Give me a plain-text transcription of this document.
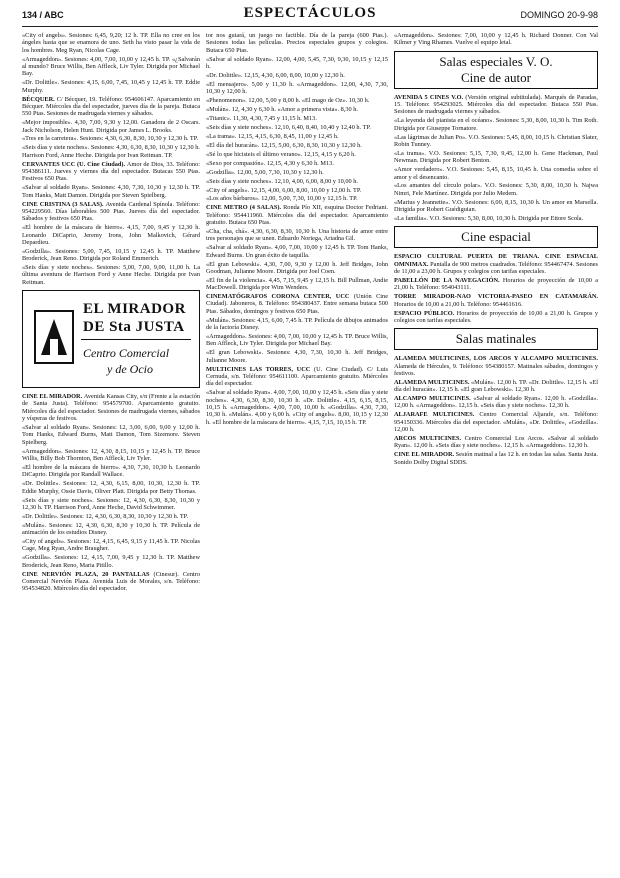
134 / ABC	ESPECTÁCULOS	DOMINGO 20-9-98

«City of angels». Sesiones: 6,45, 9,20; 12 h. TP. Ella no cree en los ángeles hasta que se enamora de uno. Seth ha visto pasar la vida de los hombres. Meg Ryan, Nicolas Cage.

«Armageddon». Sesiones: 4,00, 7,00, 10,00 y 12,45 h. TP. «¿Salvarán al mundo? Bruce Willis, Ben Affleck, Liv Tyler. Dirigida por Michael Bay.

«Dr. Dolittle». Sesiones: 4,15, 6,00, 7,45, 10,45 y 12,45 h. TP. Eddie Murphy.

BÉCQUER. C/ Bécquer, 19. Teléfono: 954606147. Aparcamiento en Bécquer. Miércoles día del espectador, jueves día de la pareja. Butaca 550 Ptas. Sesiones de madrugada viernes y sábados.

«Mejor imposible». 4,30, 7,00, 9,30 y 12,00. Ganadora de 2 Oscars. Jack Nicholson, Helen Hunt. Dirigida por James L. Brooks.

«Tres en la carretera». Sesiones: 4,30, 6,30, 8,30, 10,30 y 12,30 h. TP.

«Seis días y siete noches». Sesiones: 4,30, 6,30, 8,30, 10,30 y 12,30 h. Harrison Ford, Anne Heche. Dirigida por Ivan Reitman. TP.

CERVANTES UCC (U. Cine Ciudad). Amor de Dios, 33. Teléfono: 954386111. Jueves y viernes día del espectador. Butacas 550 Ptas. Festivos 650 Ptas.

«Salvar al soldado Ryan». Sesiones: 4,30, 7,30, 10,30 y 12,30 h. TP. Tom Hanks, Matt Damon. Dirigida por Steven Spielberg.

CINE CRISTINA (3 SALAS). Avenida Cardenal Spínola. Teléfono: 954229560. Días laborables 500 Ptas. Jueves día del espectador. Sábados y festivos 650 Ptas.

«El hombre de la máscara de hierro». 4,15, 7,00, 9,45 y 12,30 h. Leonardo DiCaprio, Jeremy Irons, John Malkovich, Gérard Depardieu.

«Godzilla». Sesiones: 5,00, 7,45, 10,15 y 12,45 h. TP. Matthew Broderick, Jean Reno. Dirigida por Roland Emmerich.

«Seis días y siete noches». Sesiones: 5,00, 7,00, 9,00, 11,00 h. La última aventura de Harrison Ford y Anne Heche. Dirigida por Ivan Reitman.

EL MIRADOR
DE Sta JUSTA
Centro Comercial
y de Ocio

CINE EL MIRADOR. Avenida Kansas City, s/n (Frente a la estación de Santa Justa). Teléfono: 954579700. Aparcamiento gratuito. Miércoles día del espectador. Sesiones de madrugada viernes, sábados y vísperas de festivos.

«Salvar al soldado Ryan». Sesiones: 12, 3,00, 6,00, 9,00 y 12,00 h. Tom Hanks, Edward Burns, Matt Damon, Tom Sizemore. Steven Spielberg.

«Armageddon». Sesiones: 12, 4,30, 8,15, 10,15 y 12,45 h. TP. Bruce Willis, Billy Bob Thornton, Ben Affleck, Liv Tyler.

«El hombre de la máscara de hierro». 4,30, 7,30, 10,30 h. Leonardo DiCaprio. Dirigida por Randall Wallace.

«Dr. Dolittle». Sesiones: 12, 4,30, 6,15, 8,00, 10,30, 12,30 h. TP. Eddie Murphy, Ossie Davis, Oliver Platt. Dirigida por Betty Thomas.

«Seis días y siete noches». Sesiones: 12, 4,30, 6,30, 8,30, 10,30 y 12,30 h. TP. Harrison Ford, Anne Heche, David Schwimmer.

«Dr. Dolittle». Sesiones: 12, 4,30, 6,30, 8,30, 10,30 y 12,30 h. TP.

«Mulán». Sesiones: 12, 4,30, 6,30, 8,30 y 10,30 h. TP. Película de animación de los estudios Disney.

«City of angels». Sesiones: 12, 4,15, 6,45, 9,15 y 11,45 h. TP. Nicolas Cage, Meg Ryan, Andre Braugher.

«Godzilla». Sesiones: 12, 4,15, 7,00, 9,45 y 12,30 h. TP. Matthew Broderick, Jean Reno, Maria Pitillo.

CINE NERVIÓN PLAZA, 20 PANTALLAS (Cinesur). Centro Comercial Nervión Plaza. Avenida Luis de Morales, s/n. Teléfono: 954534820. Miércoles día del espectador.

tor nos guiará, un juego no factible. Día de la pareja (600 Ptas.). Sesiones todas las películas. Precios especiales grupos y colegios. Butaca 650 Ptas.

«Salvar al soldado Ryan». 12,00, 4,00, 5,45, 7,30, 9,30, 10,15 y 12,15 h.

«Dr. Dolittle». 12,15, 4,30, 6,00, 8,00, 10,00 y 12,30 h.

«El mensajero». 5,00 y 11,30 h. «Armageddon». 12,00, 4,30, 7,30, 10,30 y 12,00 h.

«Phenomenon». 12,00, 5,00 y 8,00 h. «El mago de Oz». 10,30 h.

«Mulán». 12, 4,30 y 6,30 h. «Amor a primera vista». 8,30 h.

«Titanic». 11,30, 4,30, 7,45 y 11,15 h. M13.

«Seis días y siete noches». 12,10, 6,40, 8,40, 10,40 y 12,40 h. TP.

«La trama». 12,15, 4,15, 6,30, 8,45, 11,00 y 12,45 h.

«El día del huracán». 12,15, 5,00, 6,30, 8,30, 10,30 y 12,30 h.

«Sé lo que hicisteis el último verano». 12,15, 4,15 y 6,20 h.

«Sexo por compasión». 12,15, 4,30 y 6,30 h. M13.

«Godzilla». 12,00, 5,00, 7,30, 10,30 y 12,30 h.

«Seis días y siete noches». 12,10, 4,00, 6,00, 8,00 y 10,00 h.

«City of angels». 12,15, 4,00, 6,00, 8,00, 10,00 y 12,00 h. TP.

«Los años bárbaros». 12,00, 5,00, 7,30, 10,00 y 12,15 h. TP.

CINE METRO (4 SALAS). Ronda Pío XII, esquina Doctor Fedriani. Teléfono: 954411960. Miércoles día del espectador. Aparcamiento gratuito. Butaca 650 Ptas.

«Cha, cha, chá». 4,30, 6,30, 8,30, 10,30 h. Una historia de amor entre tres personajes que se unen. Eduardo Noriega, Ariadna Gil.

«Salvar al soldado Ryan». 4,00, 7,00, 10,00 y 12,45 h. TP. Tom Hanks, Edward Burns. Un gran éxito de taquilla.

«El gran Lebowski». 4,30, 7,00, 9,30 y 12,00 h. Jeff Bridges, John Goodman, Julianne Moore. Dirigida por Joel Coen.

«El fin de la violencia». 4,45, 7,15, 9,45 y 12,15 h. Bill Pullman, Andie MacDowell. Dirigida por Wim Wenders.

CINEMATÓGRAFOS CORONA CENTER, UCC (Unión Cine Ciudad). Jaboneros, 8. Teléfono: 954380437. Entre semana butaca 500 Ptas. Sábados, domingos y festivos 650 Ptas.

«Mulán». Sesiones: 4,15, 6,00, 7,45 h. TP. Película de dibujos animados de la factoría Disney.

«Armageddon». Sesiones: 4,00, 7,00, 10,00 y 12,45 h. TP. Bruce Willis, Ben Affleck, Liv Tyler. Dirigida por Michael Bay.

«El gran Lebowski». Sesiones: 4,30, 7,30, 10,30 h. Jeff Bridges, Julianne Moore.

MULTICINES LAS TORRES, UCC (U. Cine Ciudad). C/ Luis Cernuda, s/n. Teléfono: 954611100. Aparcamiento gratuito. Miércoles día del espectador.

«Salvar al soldado Ryan». 4,00, 7,00, 10,00 y 12,45 h. «Seis días y siete noches». 4,30, 6,30, 8,30, 10,30 h. «Dr. Dolittle». 4,15, 6,15, 8,15, 10,15 h. «Armageddon». 4,00, 7,00, 10,00 h. «Godzilla». 4,30, 7,30, 10,30 h. «Mulán». 4,00 y 6,00 h. «City of angels». 8,00, 10,15 y 12,30 h. «El hombre de la máscara de hierro». 4,15, 7,15, 10,15 h. TP.

«Armageddon». Sesiones: 7,00, 10,00 y 12,45 h. Richard Donner. Con Val Kilmer y Ving Rhames. Vuelve el equipo letal.

Salas especiales V. O.
Cine de autor

AVENIDA 5 CINES V.O. (Versión original subtitulada). Marqués de Paradas, 15. Teléfono: 954293025. Miércoles día del espectador. Butaca 550 Ptas. Sesiones de madrugada viernes y sábados.

«La leyenda del pianista en el océano». Sesiones: 5,30, 8,00, 10,30 h. Tim Roth. Dirigida por Giuseppe Tornatore.

«Las lágrimas de Julian Po». V.O. Sesiones: 5,45, 8,00, 10,15 h. Christian Slater, Robin Tunney.

«La trama». V.O. Sesiones: 5,15, 7,30, 9,45, 12,00 h. Gene Hackman, Paul Newman. Dirigida por Robert Benton.

«Amor verdadero». V.O. Sesiones: 5,45, 8,15, 10,45 h. Una comedia sobre el amor y el desencanto.

«Los amantes del círculo polar». V.O. Sesiones: 5,30, 8,00, 10,30 h. Najwa Nimri, Fele Martínez. Dirigida por Julio Medem.

«Marius y Jeannette». V.O. Sesiones: 6,00, 8,15, 10,30 h. Un amor en Marsella. Dirigida por Robert Guédiguian.

«La familia». V.O. Sesiones: 5,30, 8,00, 10,30 h. Dirigida por Ettore Scola.

Cine espacial

ESPACIO CULTURAL PUERTA DE TRIANA. CINE ESPACIAL OMNIMAX. Pantalla de 900 metros cuadrados. Teléfono: 954467474. Sesiones de 11,00 a 23,00 h. Grupos y colegios con tarifas especiales.

PABELLÓN DE LA NAVEGACIÓN. Horarios de proyección de 10,00 a 21,00 h. Teléfono: 954043111.

TORRE MIRADOR-NAO VICTORIA-PASEO EN CATAMARÁN. Horarios de 10,00 a 21,00 h. Teléfono: 954461616.

ESPACIO PÚBLICO. Horarios de proyección de 10,00 a 21,00 h. Grupos y colegios con tarifas especiales.

Salas matinales

ALAMEDA MULTICINES, LOS ARCOS Y ALCAMPO MULTICINES. Alameda de Hércules, 9. Teléfono: 954380157. Matinales sábados, domingos y festivos.

ALAMEDA MULTICINES. «Mulán». 12,00 h. TP. «Dr. Dolittle». 12,15 h. «El día del huracán». 12,15 h. «El gran Lebowski». 12,30 h.

ALCAMPO MULTICINES. «Salvar al soldado Ryan». 12,00 h. «Godzilla». 12,00 h. «Armageddon». 12,15 h. «Seis días y siete noches». 12,30 h.

ALJARAFE MULTICINES. Centro Comercial Aljarafe, s/n. Teléfono: 954150336. Miércoles día del espectador. «Mulán», «Dr. Dolittle», «Godzilla». 12,00 h.

ARCOS MULTICINES. Centro Comercial Los Arcos. «Salvar al soldado Ryan». 12,00 h. «Seis días y siete noches». 12,15 h. «Armageddon». 12,30 h.

CINE EL MIRADOR. Sesión matinal a las 12 h. en todas las salas. Santa Justa. Sonido Dolby Digital SDDS.
